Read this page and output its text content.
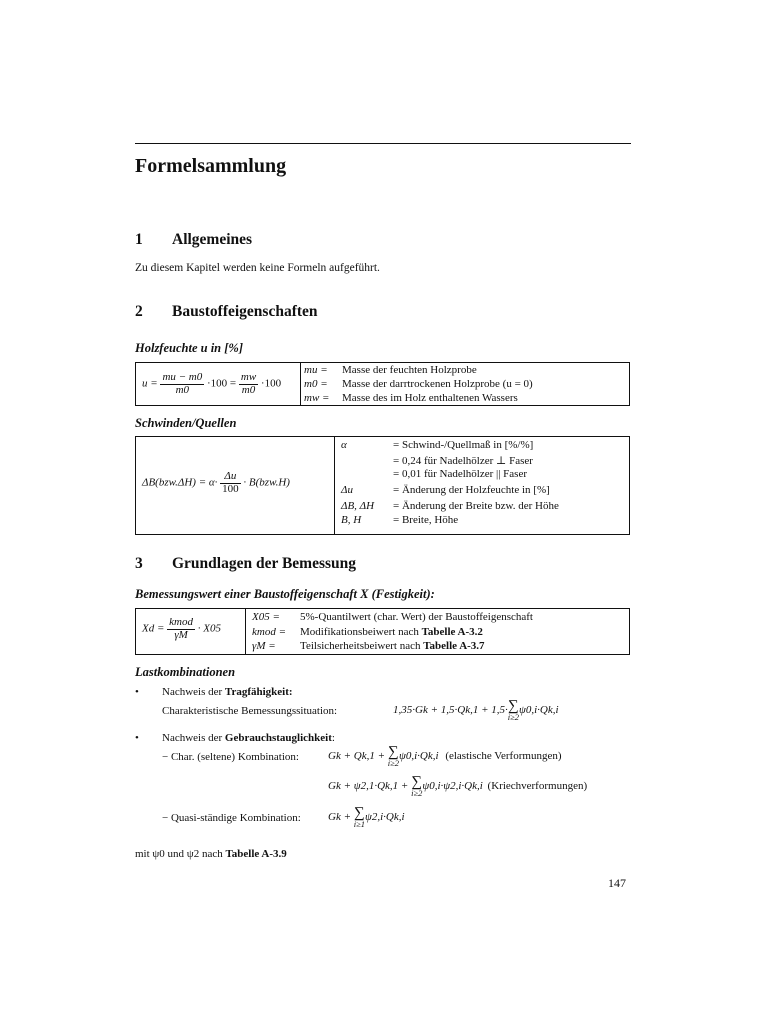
Formelsammlung
1 Allgemeines
Zu diesem Kapitel werden keine Formeln aufgeführt.
2 Baustoffeigenschaften
Holzfeuchte u in [%]
$u = \frac{mu - m0}{m0} \cdot 100 = \frac{mw}{m0} \cdot 100$
mu = Masse der feuchten Holzprobe
m0 = Masse der darrtrockenen Holzprobe (u = 0)
mw = Masse des im Holz enthaltenen Wassers
Schwinden/Quellen
$\Delta B(bzw.\Delta H) = \alpha\cdot \frac{\Delta u}{100} \cdot B(bzw.H)$
α	= Schwind-/Quellmaß in [%/%]
= 0,24 für Nadelhölzer ⊥ Faser
= 0,01 für Nadelhölzer || Faser
Δu	= Änderung der Holzfeuchte in [%]
ΔB, ΔH = Änderung der Breite bzw. der Höhe
B, H	= Breite, Höhe
3 Grundlagen der Bemessung
Bemessungswert einer Baustoffeigenschaft X (Festigkeit):
$Xd = \frac{\text{kmod}}{\gamma M} \cdot X05$
X05 = 5%-Quantilwert (char. Wert) der Baustoffeigenschaft
kmod = Modifikationsbeiwert nach Tabelle A-3.2
γM = Teilsicherheitsbeiwert nach Tabelle A-3.7
Lastkombinationen
• Nachweis der Tragfähigkeit:
Charakteristische Bemessungssituation:	1,35·Gk + 1,5·Qk,1 + 1,5· ∑
i≥2
ψ0,i·Qk,i
• Nachweis der Gebrauchstauglichkeit:
− Char. (seltene) Kombination:	Gk + Qk,1 + ∑
i≥2
ψ0,i·Qk,i (elastische Verformungen)
Gk + ψ2,1·Qk,1 + ∑
i≥2
ψ0,i·ψ2,i·Qk,i (Kriechverformungen)
− Quasi-ständige Kombination: Gk + ∑
i≥1
ψ2,i·Qk,i
mit ψ0 und ψ2 nach Tabelle A-3.9
147
